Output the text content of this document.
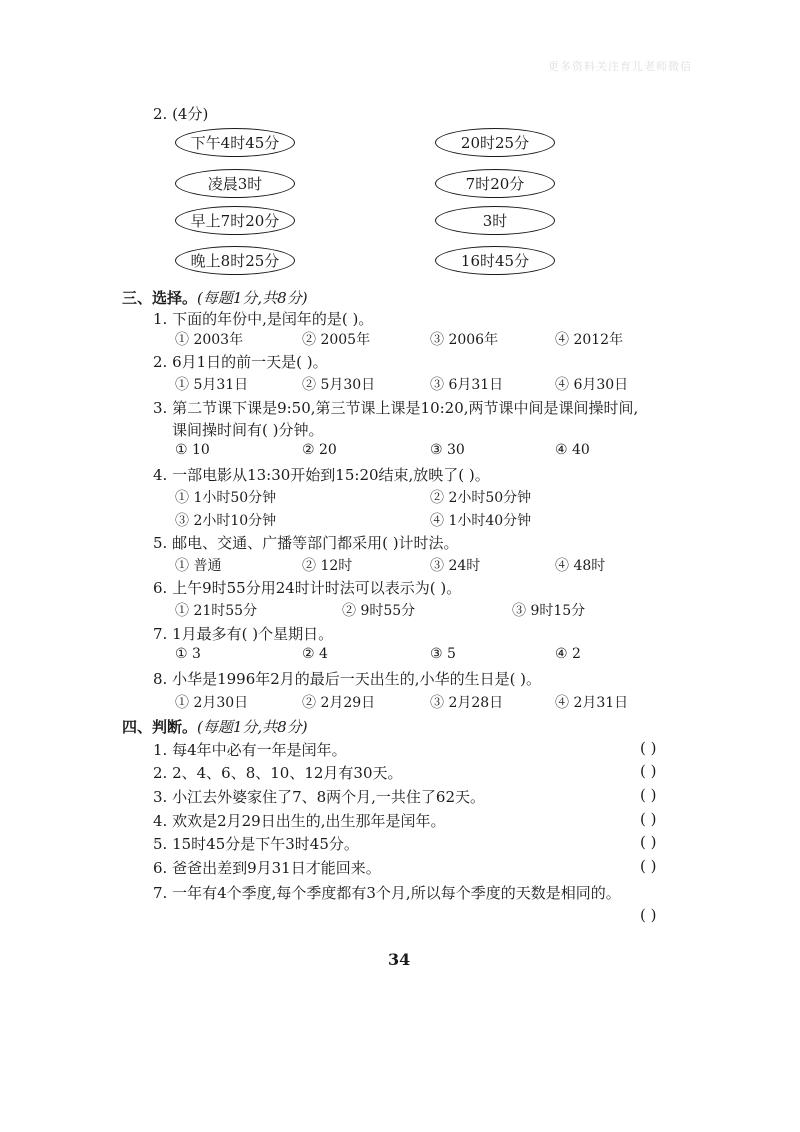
更多资料关注育儿老师微信
2. (4分)
下午4时45分
凌晨3时
早上7时20分
晚上8时25分
20时25分
7时20分
3时
16时45分
三、选择。(每题1分,共8分)
1. 下面的年份中,是闰年的是( )。
① 2003年	② 2005年	③ 2006年	④ 2012年
2. 6月1日的前一天是( )。
① 5月31日	② 5月30日	③ 6月31日	④ 6月30日
3. 第二节课下课是9:50,第三节课上课是10:20,两节课中间是课间操时间,
课间操时间有( )分钟。
① 10	② 20	③ 30	④ 40
4. 一部电影从13:30开始到15:20结束,放映了( )。
① 1小时50分钟	② 2小时50分钟
③ 2小时10分钟	④ 1小时40分钟
5. 邮电、交通、广播等部门都采用( )计时法。
① 普通	② 12时	③ 24时	④ 48时
6. 上午9时55分用24时计时法可以表示为( )。
① 21时55分	② 9时55分	③ 9时15分
7. 1月最多有( )个星期日。
① 3	② 4	③ 5	④ 2
8. 小华是1996年2月的最后一天出生的,小华的生日是( )。
① 2月30日	② 2月29日	③ 2月28日	④ 2月31日
四、判断。(每题1分,共8分)
1. 每4年中必有一年是闰年。	( )
2. 2、4、6、8、10、12月有30天。	( )
3. 小江去外婆家住了7、8两个月,一共住了62天。	( )
4. 欢欢是2月29日出生的,出生那年是闰年。	( )
5. 15时45分是下午3时45分。	( )
6. 爸爸出差到9月31日才能回来。	( )
7. 一年有4个季度,每个季度都有3个月,所以每个季度的天数是相同的。
( )
34
